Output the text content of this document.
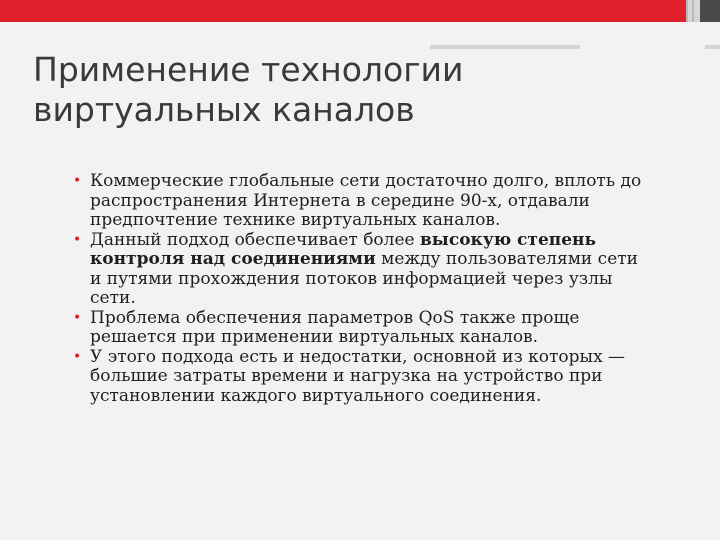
Применение технологии виртуальных каналов
• Коммерческие глобальные сети достаточно долго, вплоть до распространения Интернета в середине 90-х, отдавали предпочтение технике виртуальных каналов.
• Данный подход обеспечивает более высокую степень контроля над соединениями между пользователями сети и путями прохождения потоков информацией через узлы сети.
• Проблема обеспечения параметров QoS также проще решается при применении виртуальных каналов.
• У этого подхода есть и недостатки, основной из которых — большие затраты времени и нагрузка на устройство при установлении каждого виртуального соединения.
